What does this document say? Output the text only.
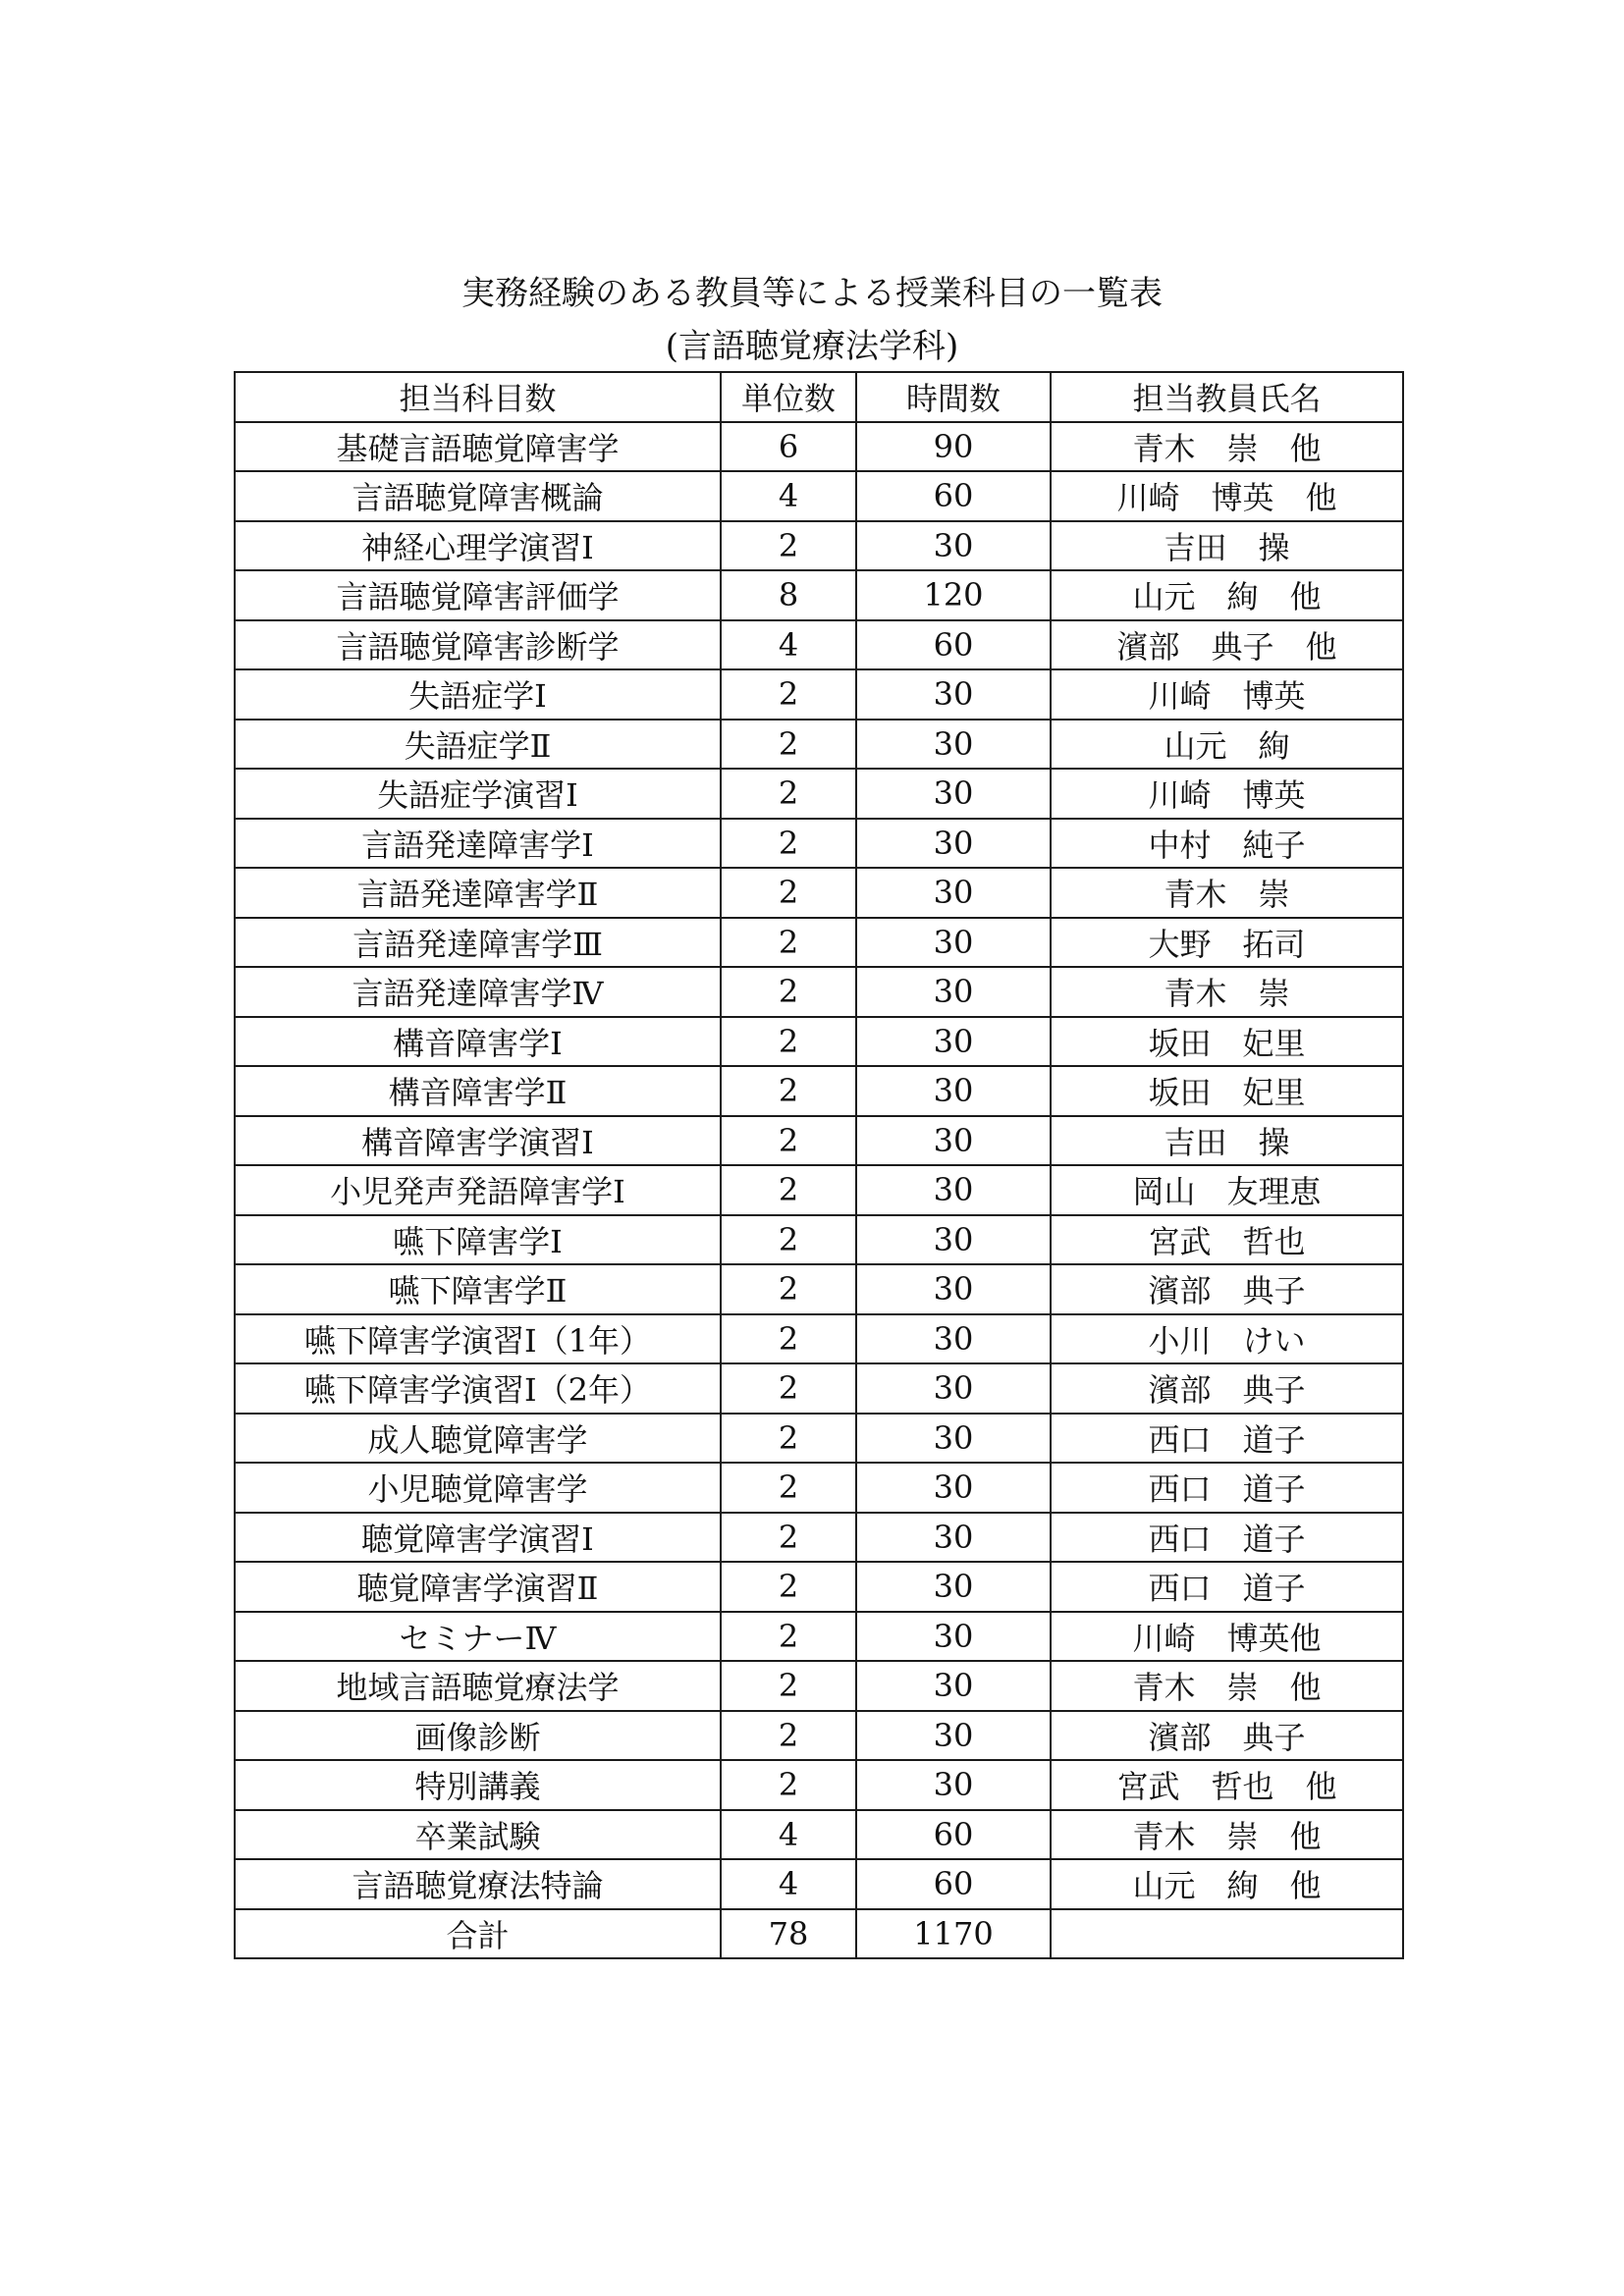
実務経験のある教員等による授業科目の一覧表
(言語聴覚療法学科)
担当科目数	単位数	時間数	担当教員氏名
基礎言語聴覚障害学	6	90	青木　崇　他
言語聴覚障害概論	4	60	川崎　博英　他
神経心理学演習Ⅰ	2	30	吉田　操
言語聴覚障害評価学	8	120	山元　絢　他
言語聴覚障害診断学	4	60	濱部　典子　他
失語症学Ⅰ	2	30	川崎　博英
失語症学Ⅱ	2	30	山元　絢
失語症学演習Ⅰ	2	30	川崎　博英
言語発達障害学Ⅰ	2	30	中村　純子
言語発達障害学Ⅱ	2	30	青木　崇
言語発達障害学Ⅲ	2	30	大野　拓司
言語発達障害学Ⅳ	2	30	青木　崇
構音障害学Ⅰ	2	30	坂田　妃里
構音障害学Ⅱ	2	30	坂田　妃里
構音障害学演習Ⅰ	2	30	吉田　操
小児発声発語障害学Ⅰ	2	30	岡山　友理恵
嚥下障害学Ⅰ	2	30	宮武　哲也
嚥下障害学Ⅱ	2	30	濱部　典子
嚥下障害学演習Ⅰ（1年）	2	30	小川　けい
嚥下障害学演習Ⅰ（2年）	2	30	濱部　典子
成人聴覚障害学	2	30	西口　道子
小児聴覚障害学	2	30	西口　道子
聴覚障害学演習Ⅰ	2	30	西口　道子
聴覚障害学演習Ⅱ	2	30	西口　道子
セミナーⅣ	2	30	川崎　博英他
地域言語聴覚療法学	2	30	青木　崇　他
画像診断	2	30	濱部　典子
特別講義	2	30	宮武　哲也　他
卒業試験	4	60	青木　崇　他
言語聴覚療法特論	4	60	山元　絢　他
合計	78	1170	
